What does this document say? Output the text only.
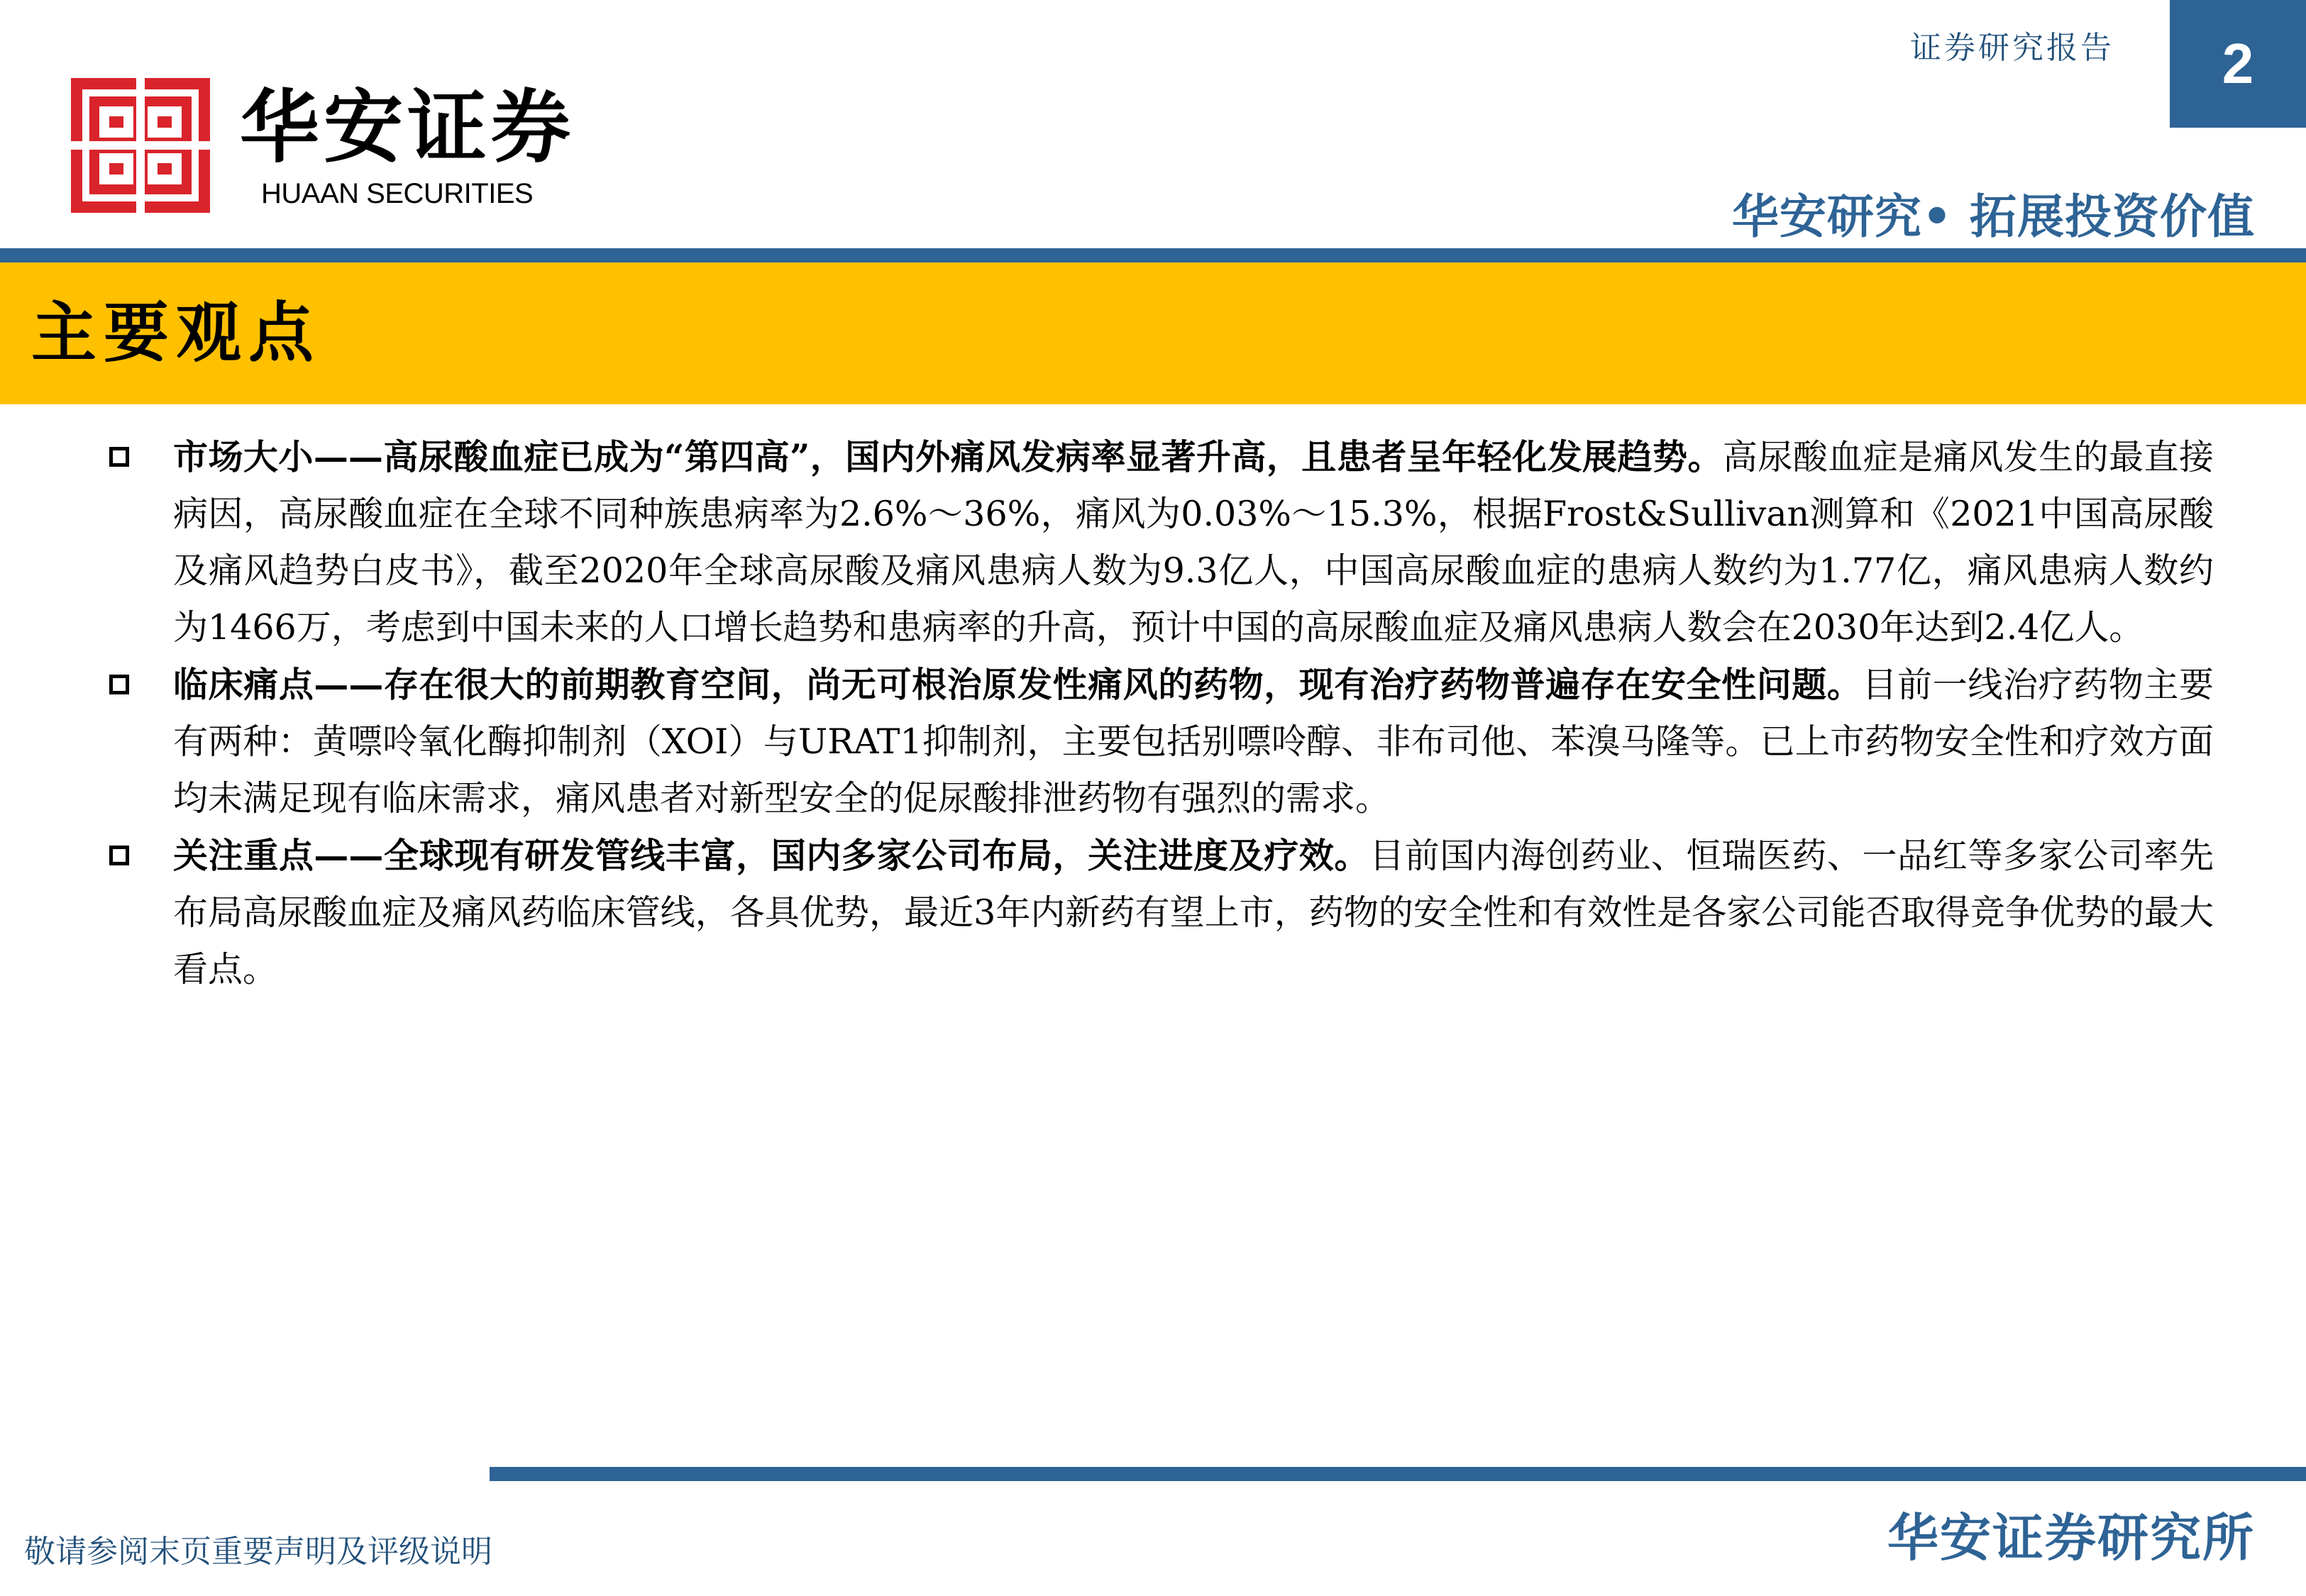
华安证券
HUAAN SECURITIES
证券研究报告	2
华安研究• 拓展投资价值
主要观点
市场大小——高尿酸血症已成为“第四高”，国内外痛风发病率显著升高，且患者呈年轻化发展趋势。高尿酸血症是痛风发生的最直接病因，高尿酸血症在全球不同种族患病率为2.6%～36%，痛风为0.03%～15.3%，根据Frost&Sullivan测算和《2021中国高尿酸及痛风趋势白皮书》，截至2020年全球高尿酸及痛风患病人数为9.3亿人，中国高尿酸血症的患病人数约为1.77亿，痛风患病人数约为1466万，考虑到中国未来的人口增长趋势和患病率的升高，预计中国的高尿酸血症及痛风患病人数会在2030年达到2.4亿人。
临床痛点——存在很大的前期教育空间，尚无可根治原发性痛风的药物，现有治疗药物普遍存在安全性问题。目前一线治疗药物主要有两种：黄嘌呤氧化酶抑制剂（XOI）与URAT1抑制剂，主要包括别嘌呤醇、非布司他、苯溴马隆等。已上市药物安全性和疗效方面均未满足现有临床需求，痛风患者对新型安全的促尿酸排泄药物有强烈的需求。
关注重点——全球现有研发管线丰富，国内多家公司布局，关注进度及疗效。目前国内海创药业、恒瑞医药、一品红等多家公司率先布局高尿酸血症及痛风药临床管线，各具优势，最近3年内新药有望上市，药物的安全性和有效性是各家公司能否取得竞争优势的最大看点。
敬请参阅末页重要声明及评级说明	华安证券研究所
